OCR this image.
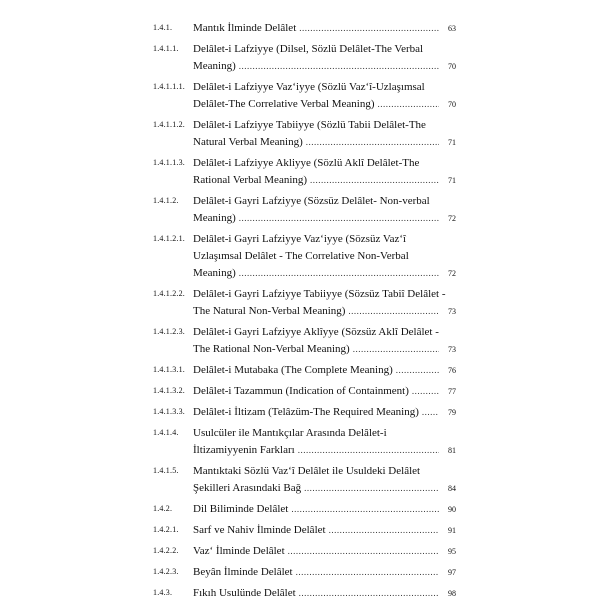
1.4.1. Mantık İlminde Delâlet .....	63
1.4.1.1. Delâlet-i Lafziyye (Dilsel, Sözlü Delâlet-The Verbal
Meaning) .....	70
1.4.1.1.1. Delâlet-i Lafziyye Vaz‘iyye (Sözlü Vaz‘î-Uzlaşımsal
Delâlet-The Correlative Verbal Meaning) .....	70
1.4.1.1.2. Delâlet-i Lafziyye Tabiiyye (Sözlü Tabii Delâlet-The
Natural Verbal Meaning) .....	71
1.4.1.1.3. Delâlet-i Lafziyye Akliyye (Sözlü Aklî Delâlet-The
Rational Verbal Meaning) .....	71
1.4.1.2. Delâlet-i Gayri Lafziyye (Sözsüz Delâlet- Non-verbal
Meaning) .....	72
1.4.1.2.1. Delâlet-i Gayri Lafziyye Vaz‘iyye (Sözsüz Vaz‘î
Uzlaşımsal Delâlet - The Correlative Non-Verbal
Meaning) .....	72
1.4.1.2.2. Delâlet-i Gayri Lafziyye Tabiiyye (Sözsüz Tabiî Delâlet -
The Natural Non-Verbal Meaning) .....	73
1.4.1.2.3. Delâlet-i Gayri Lafziyye Aklîyye (Sözsüz Aklî Delâlet -
The Rational Non-Verbal Meaning) .....	73
1.4.1.3.1. Delâlet-i Mutabaka (The Complete Meaning) .....	76
1.4.1.3.2. Delâlet-i Tazammun (Indication of Containment) .....	77
1.4.1.3.3. Delâlet-i İltizam (Telâzüm-The Required Meaning) .....	79
1.4.1.4. Usulcüler ile Mantıkçılar Arasında Delâlet-i
İltizamiyyenin Farkları .....	81
1.4.1.5. Mantıktaki Sözlü Vaz‘î Delâlet ile Usuldeki Delâlet
Şekilleri Arasındaki Bağ .....	84
1.4.2. Dil Biliminde Delâlet .....	90
1.4.2.1. Sarf ve Nahiv İlminde Delâlet .....	91
1.4.2.2. Vaz‘ İlminde Delâlet .....	95
1.4.2.3. Beyân İlminde Delâlet .....	97
1.4.3. Fıkıh Usulünde Delâlet .....	98
